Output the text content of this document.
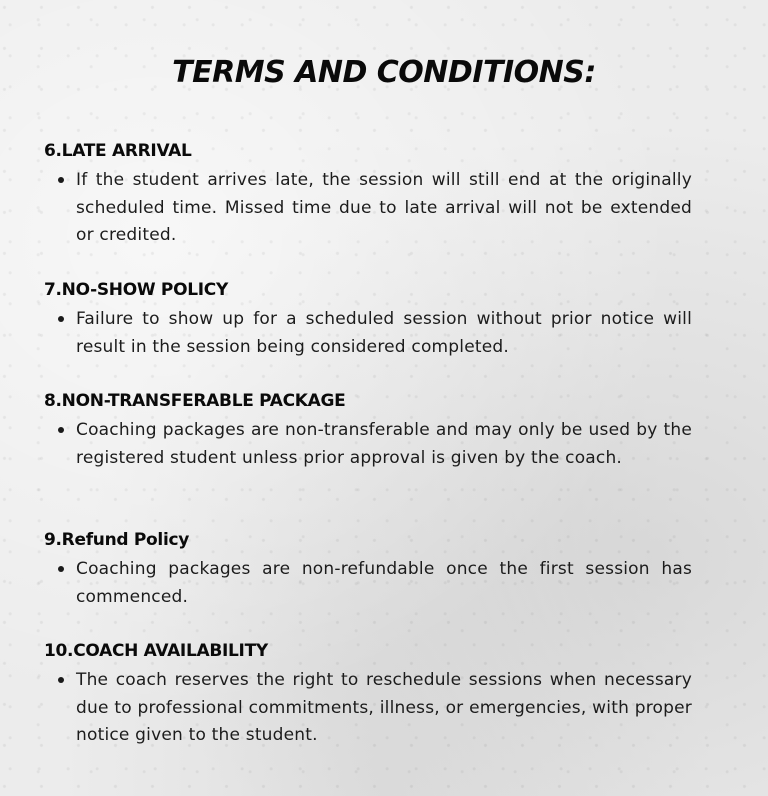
TERMS AND CONDITIONS:
6.LATE ARRIVAL
If the student arrives late, the session will still end at the originally scheduled time. Missed time due to late arrival will not be extended or credited.
7.NO-SHOW POLICY
Failure to show up for a scheduled session without prior notice will result in the session being considered completed.
8.NON-TRANSFERABLE PACKAGE
Coaching packages are non-transferable and may only be used by the registered student unless prior approval is given by the coach.
9.Refund Policy
Coaching packages are non-refundable once the first session has commenced.
10.COACH AVAILABILITY
The coach reserves the right to reschedule sessions when necessary due to professional commitments, illness, or emergencies, with proper notice given to the student.
